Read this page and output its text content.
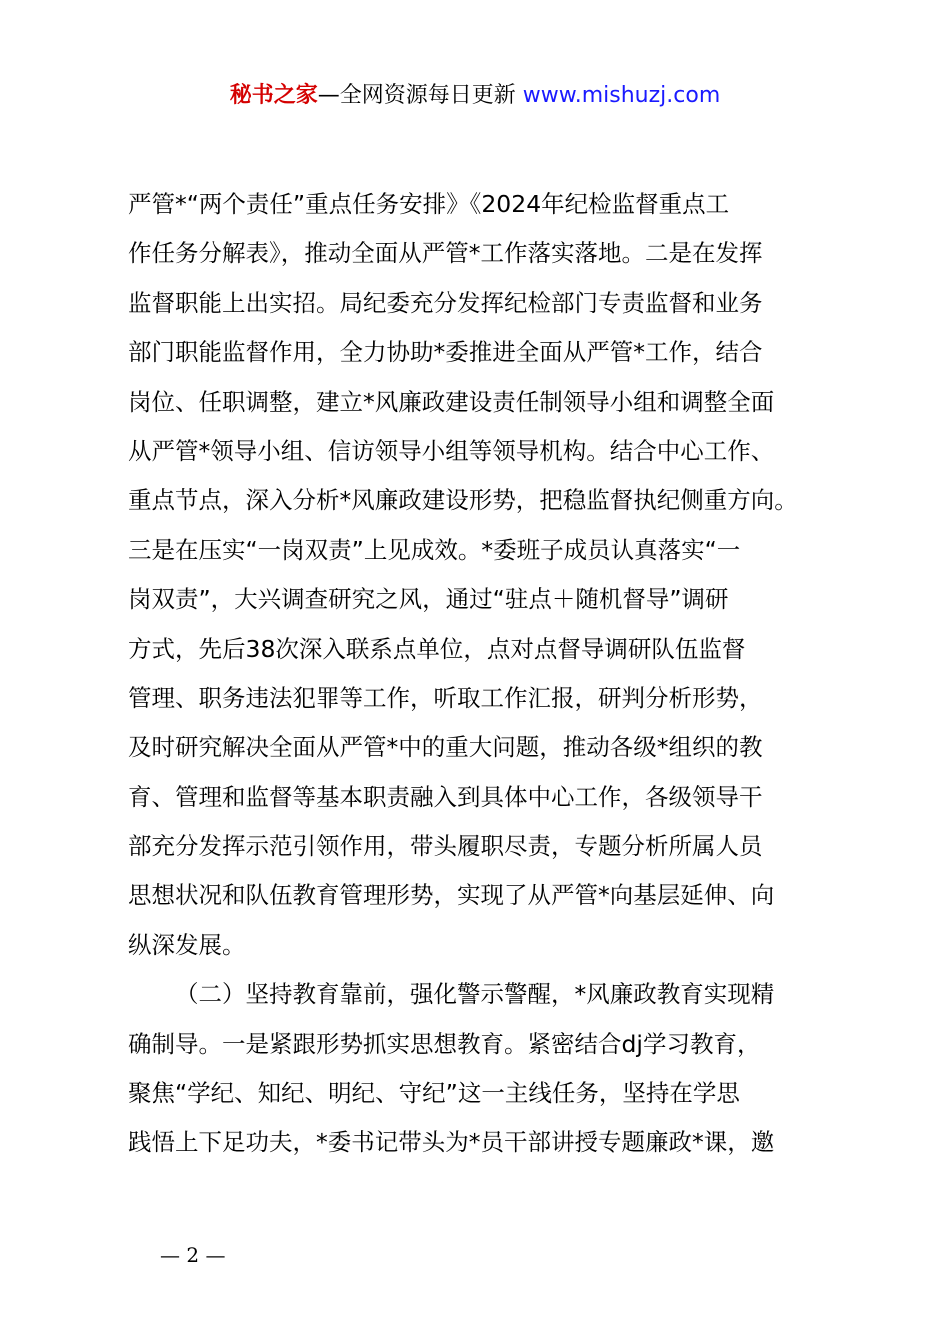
秘书之家—全网资源每日更新 www.mishuzj.com
严管*“两个责任”重点任务安排》《2024年纪检监督重点工
作任务分解表》，推动全面从严管*工作落实落地。二是在发挥
监督职能上出实招。局纪委充分发挥纪检部门专责监督和业务
部门职能监督作用，全力协助*委推进全面从严管*工作，结合
岗位、任职调整，建立*风廉政建设责任制领导小组和调整全面
从严管*领导小组、信访领导小组等领导机构。结合中心工作、
重点节点，深入分析*风廉政建设形势，把稳监督执纪侧重方向。
三是在压实“一岗双责”上见成效。*委班子成员认真落实“一
岗双责”，大兴调查研究之风，通过“驻点＋随机督导”调研
方式，先后38次深入联系点单位，点对点督导调研队伍监督
管理、职务违法犯罪等工作，听取工作汇报，研判分析形势，
及时研究解决全面从严管*中的重大问题，推动各级*组织的教
育、管理和监督等基本职责融入到具体中心工作，各级领导干
部充分发挥示范引领作用，带头履职尽责，专题分析所属人员
思想状况和队伍教育管理形势，实现了从严管*向基层延伸、向
纵深发展。
（二）坚持教育靠前，强化警示警醒，*风廉政教育实现精
确制导。一是紧跟形势抓实思想教育。紧密结合dj学习教育，
聚焦“学纪、知纪、明纪、守纪”这一主线任务，坚持在学思
践悟上下足功夫，*委书记带头为*员干部讲授专题廉政*课，邀
— 2 —
